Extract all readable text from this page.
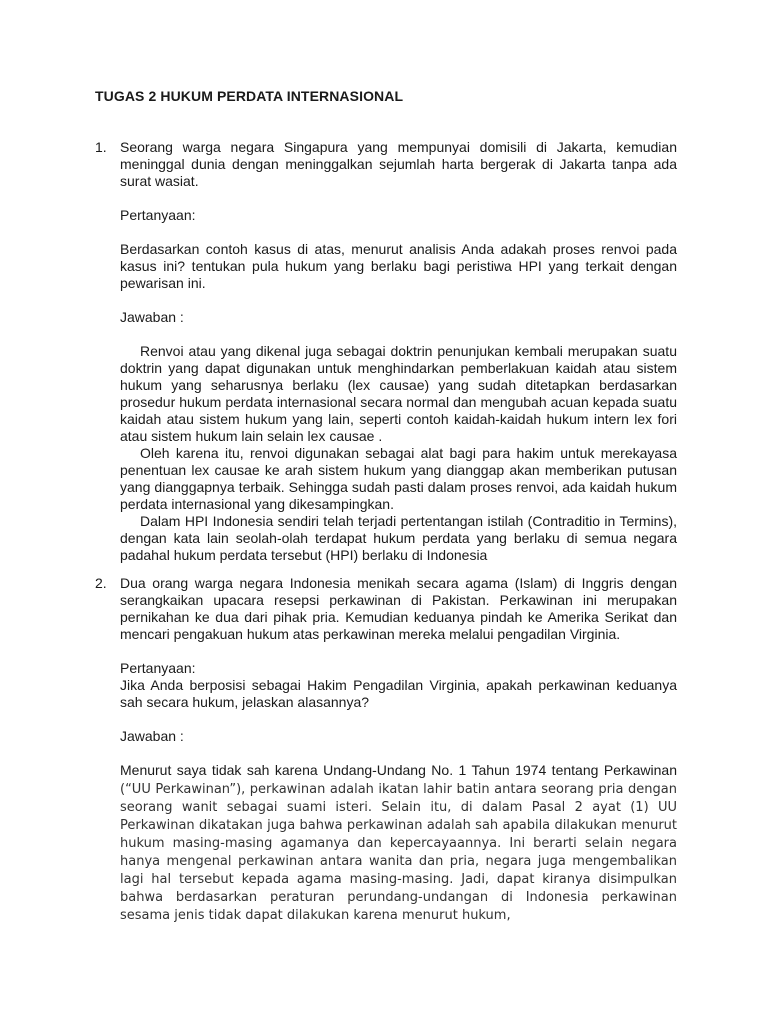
TUGAS 2 HUKUM PERDATA INTERNASIONAL
1. Seorang warga negara Singapura yang mempunyai domisili di Jakarta, kemudian meninggal dunia dengan meninggalkan sejumlah harta bergerak di Jakarta tanpa ada surat wasiat.

Pertanyaan:

Berdasarkan contoh kasus di atas, menurut analisis Anda adakah proses renvoi pada kasus ini? tentukan pula hukum yang berlaku bagi peristiwa HPI yang terkait dengan pewarisan ini.

Jawaban :

Renvoi atau yang dikenal juga sebagai doktrin penunjukan kembali merupakan suatu doktrin yang dapat digunakan untuk menghindarkan pemberlakuan kaidah atau sistem hukum yang seharusnya berlaku (lex causae) yang sudah ditetapkan berdasarkan prosedur hukum perdata internasional secara normal dan mengubah acuan kepada suatu kaidah atau sistem hukum yang lain, seperti contoh kaidah-kaidah hukum intern lex fori atau sistem hukum lain selain lex causae .

Oleh karena itu, renvoi digunakan sebagai alat bagi para hakim untuk merekayasa penentuan lex causae ke arah sistem hukum yang dianggap akan memberikan putusan yang dianggapnya terbaik. Sehingga sudah pasti dalam proses renvoi, ada kaidah hukum perdata internasional yang dikesampingkan.

Dalam HPI Indonesia sendiri telah terjadi pertentangan istilah (Contraditio in Termins), dengan kata lain seolah-olah terdapat hukum perdata yang berlaku di semua negara padahal hukum perdata tersebut (HPI) berlaku di Indonesia

2. Dua orang warga negara Indonesia menikah secara agama (Islam) di Inggris dengan serangkaikan upacara resepsi perkawinan di Pakistan. Perkawinan ini merupakan pernikahan ke dua dari pihak pria. Kemudian keduanya pindah ke Amerika Serikat dan mencari pengakuan hukum atas perkawinan mereka melalui pengadilan Virginia.

Pertanyaan:

Jika Anda berposisi sebagai Hakim Pengadilan Virginia, apakah perkawinan keduanya sah secara hukum, jelaskan alasannya?

Jawaban :

Menurut saya tidak sah karena Undang-Undang No. 1 Tahun 1974 tentang Perkawinan (“UU Perkawinan”), perkawinan adalah ikatan lahir batin antara seorang pria dengan seorang wanit sebagai suami isteri. Selain itu, di dalam Pasal 2 ayat (1) UU Perkawinan dikatakan juga bahwa perkawinan adalah sah apabila dilakukan menurut hukum masing-masing agamanya dan kepercayaannya. Ini berarti selain negara hanya mengenal perkawinan antara wanita dan pria, negara juga mengembalikan lagi hal tersebut kepada agama masing-masing. Jadi, dapat kiranya disimpulkan bahwa berdasarkan peraturan perundang-undangan di Indonesia perkawinan sesama jenis tidak dapat dilakukan karena menurut hukum,
